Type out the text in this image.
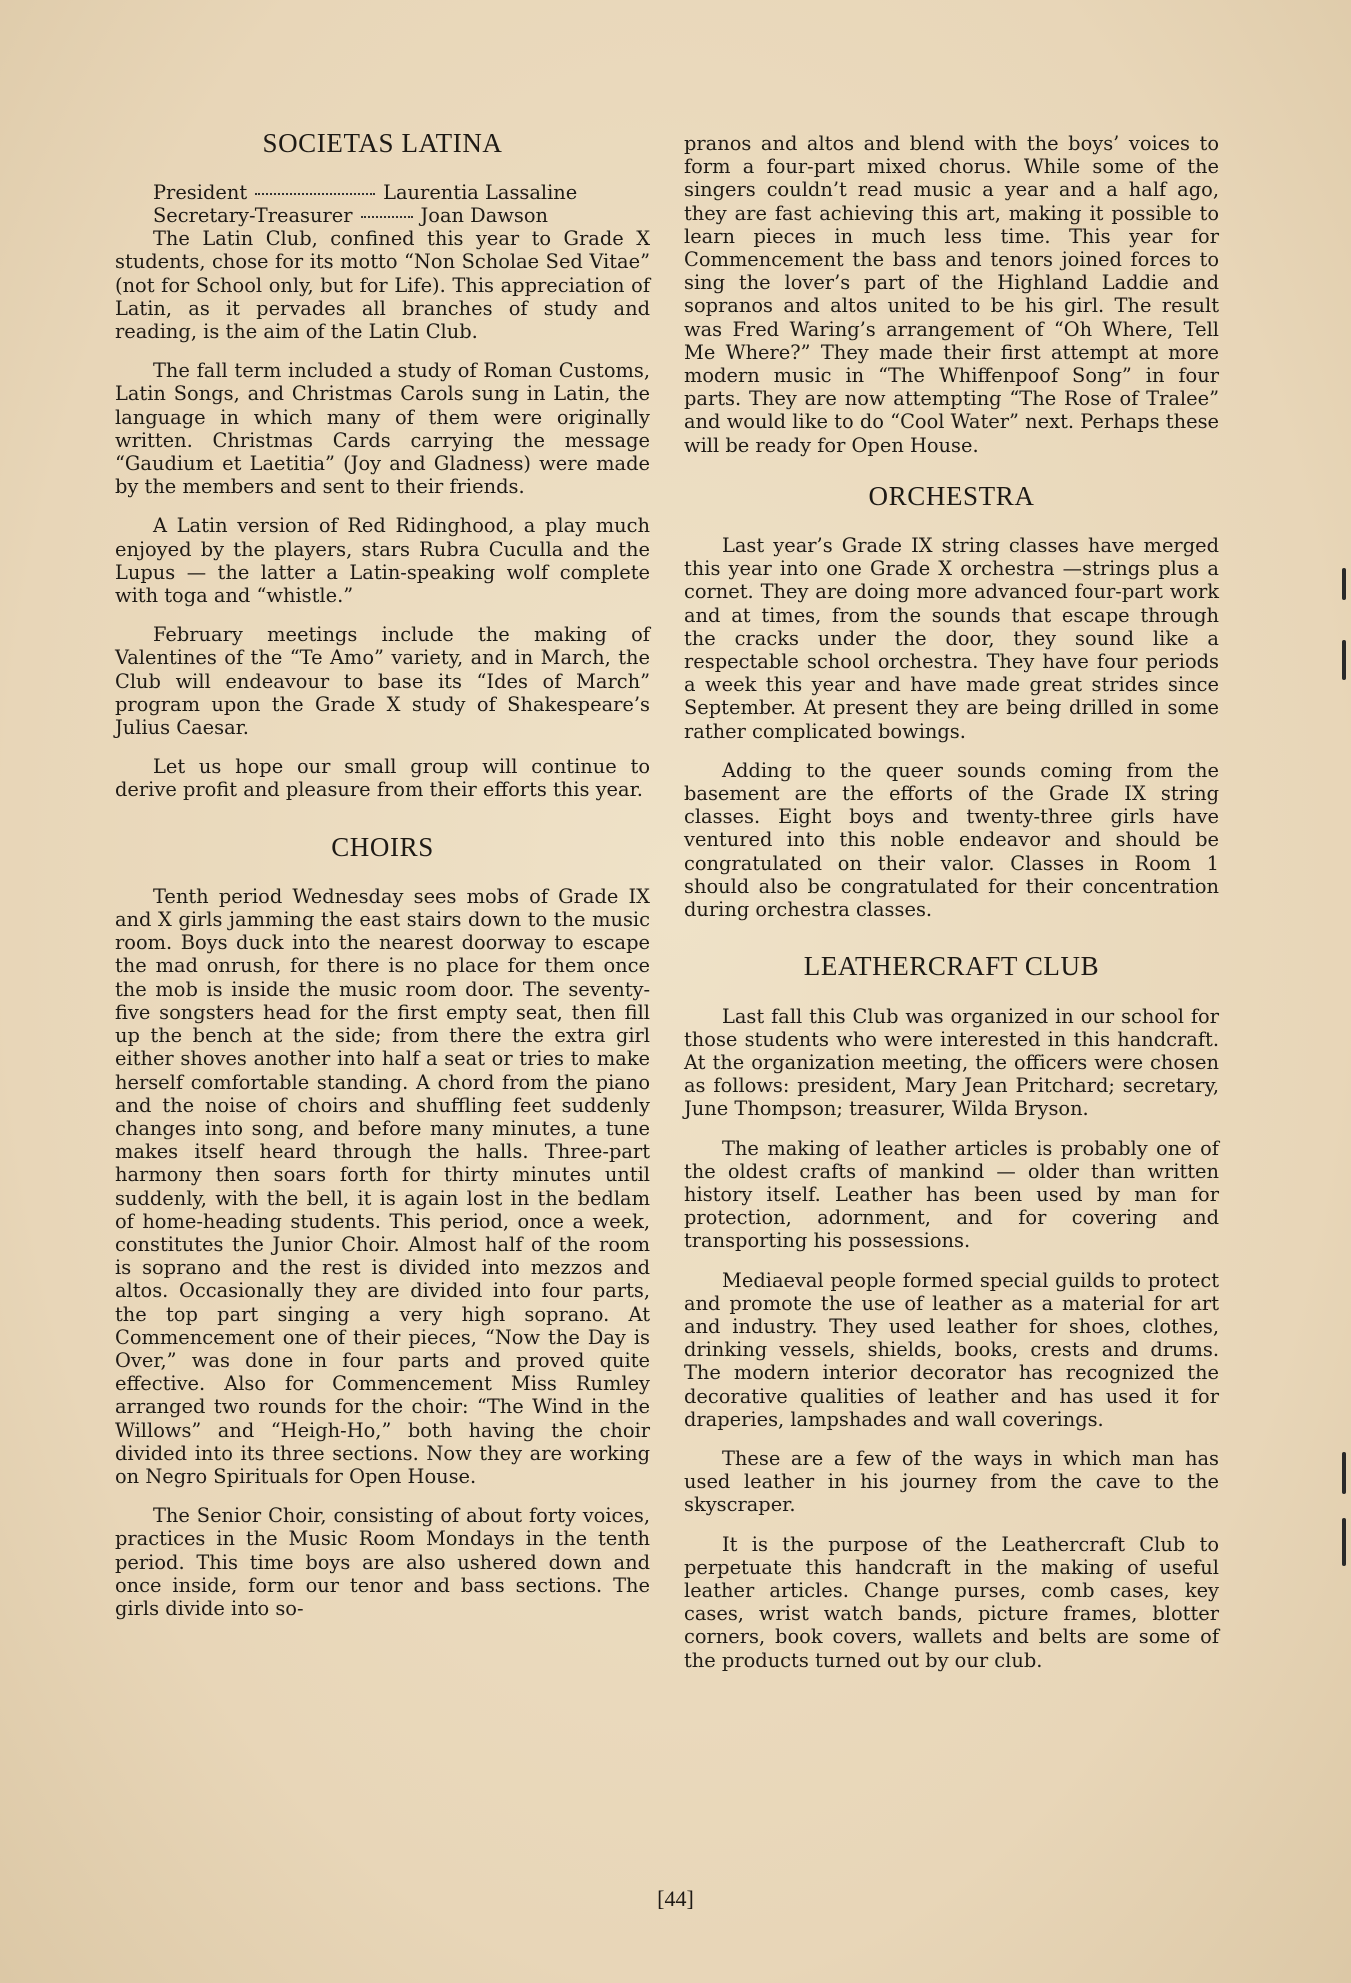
SOCIETAS LATINA
President	Laurentia Lassaline
Secretary-Treasurer	Joan Dawson

The Latin Club, confined this year to Grade X students, chose for its motto “Non Scholae Sed Vitae” (not for School only, but for Life). This appreciation of Latin, as it pervades all branches of study and reading, is the aim of the Latin Club.

The fall term included a study of Roman Customs, Latin Songs, and Christmas Carols sung in Latin, the language in which many of them were originally written. Christmas Cards carrying the message “Gaudium et Laetitia” (Joy and Gladness) were made by the members and sent to their friends.

A Latin version of Red Ridinghood, a play much enjoyed by the players, stars Rubra Cuculla and the Lupus — the latter a Latin-speaking wolf complete with toga and “whistle.”

February meetings include the making of Valentines of the “Te Amo” variety, and in March, the Club will endeavour to base its “Ides of March” program upon the Grade X study of Shakespeare’s Julius Caesar.

Let us hope our small group will continue to derive profit and pleasure from their efforts this year.

CHOIRS

Tenth period Wednesday sees mobs of Grade IX and X girls jamming the east stairs down to the music room. Boys duck into the nearest doorway to escape the mad onrush, for there is no place for them once the mob is inside the music room door. The seventy-five songsters head for the first empty seat, then fill up the bench at the side; from there the extra girl either shoves another into half a seat or tries to make herself comfortable standing. A chord from the piano and the noise of choirs and shuffling feet suddenly changes into song, and before many minutes, a tune makes itself heard through the halls. Three-part harmony then soars forth for thirty minutes until suddenly, with the bell, it is again lost in the bedlam of home-heading students. This period, once a week, constitutes the Junior Choir. Almost half of the room is soprano and the rest is divided into mezzos and altos. Occasionally they are divided into four parts, the top part singing a very high soprano. At Commencement one of their pieces, “Now the Day is Over,” was done in four parts and proved quite effective. Also for Commencement Miss Rumley arranged two rounds for the choir: “The Wind in the Willows” and “Heigh-Ho,” both having the choir divided into its three sections. Now they are working on Negro Spirituals for Open House.

The Senior Choir, consisting of about forty voices, practices in the Music Room Mondays in the tenth period. This time boys are also ushered down and once inside, form our tenor and bass sections. The girls divide into so-

pranos and altos and blend with the boys’ voices to form a four-part mixed chorus. While some of the singers couldn’t read music a year and a half ago, they are fast achieving this art, making it possible to learn pieces in much less time. This year for Commencement the bass and tenors joined forces to sing the lover’s part of the Highland Laddie and sopranos and altos united to be his girl. The result was Fred Waring’s arrangement of “Oh Where, Tell Me Where?” They made their first attempt at more modern music in “The Whiffenpoof Song” in four parts. They are now attempting “The Rose of Tralee” and would like to do “Cool Water” next. Perhaps these will be ready for Open House.

ORCHESTRA

Last year’s Grade IX string classes have merged this year into one Grade X orchestra —strings plus a cornet. They are doing more advanced four-part work and at times, from the sounds that escape through the cracks under the door, they sound like a respectable school orchestra. They have four periods a week this year and have made great strides since September. At present they are being drilled in some rather complicated bowings.

Adding to the queer sounds coming from the basement are the efforts of the Grade IX string classes. Eight boys and twenty-three girls have ventured into this noble endeavor and should be congratulated on their valor. Classes in Room 1 should also be congratulated for their concentration during orchestra classes.

LEATHERCRAFT CLUB

Last fall this Club was organized in our school for those students who were interested in this handcraft. At the organization meeting, the officers were chosen as follows: president, Mary Jean Pritchard; secretary, June Thompson; treasurer, Wilda Bryson.

The making of leather articles is probably one of the oldest crafts of mankind — older than written history itself. Leather has been used by man for protection, adornment, and for covering and transporting his possessions.

Mediaeval people formed special guilds to protect and promote the use of leather as a material for art and industry. They used leather for shoes, clothes, drinking vessels, shields, books, crests and drums. The modern interior decorator has recognized the decorative qualities of leather and has used it for draperies, lampshades and wall coverings.

These are a few of the ways in which man has used leather in his journey from the cave to the skyscraper.

It is the purpose of the Leathercraft Club to perpetuate this handcraft in the making of useful leather articles. Change purses, comb cases, key cases, wrist watch bands, picture frames, blotter corners, book covers, wallets and belts are some of the products turned out by our club.

[44]
